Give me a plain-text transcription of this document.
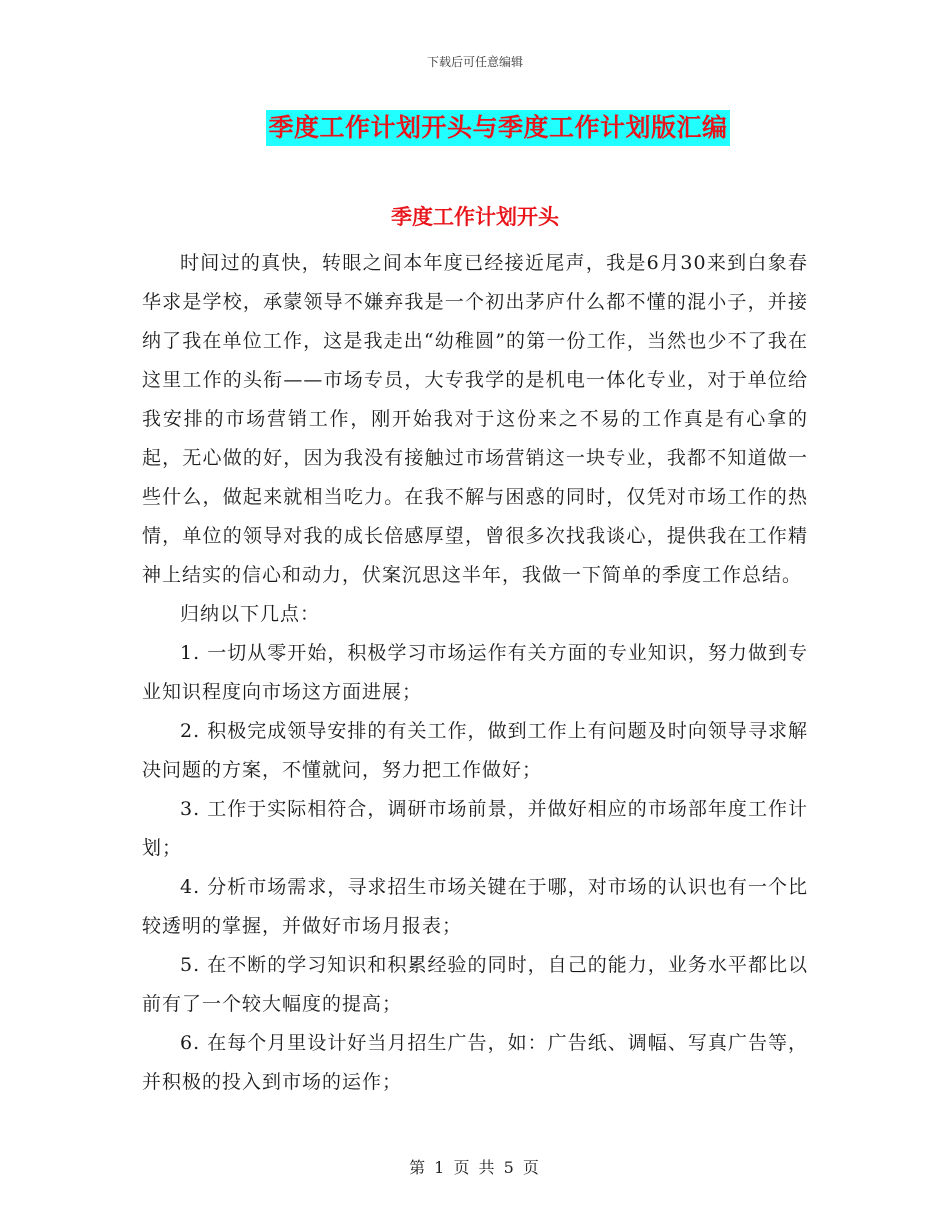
下载后可任意编辑
季度工作计划开头与季度工作计划版汇编
季度工作计划开头

时间过的真快，转眼之间本年度已经接近尾声，我是6月30来到白象春华求是学校，承蒙领导不嫌弃我是一个初出茅庐什么都不懂的混小子，并接纳了我在单位工作，这是我走出“幼稚圆”的第一份工作，当然也少不了我在这里工作的头衔——市场专员，大专我学的是机电一体化专业，对于单位给我安排的市场营销工作，刚开始我对于这份来之不易的工作真是有心拿的起，无心做的好，因为我没有接触过市场营销这一块专业，我都不知道做一些什么，做起来就相当吃力。在我不解与困惑的同时，仅凭对市场工作的热情，单位的领导对我的成长倍感厚望，曾很多次找我谈心，提供我在工作精神上结实的信心和动力，伏案沉思这半年，我做一下简单的季度工作总结。

归纳以下几点：

1. 一切从零开始，积极学习市场运作有关方面的专业知识，努力做到专业知识程度向市场这方面进展；

2. 积极完成领导安排的有关工作，做到工作上有问题及时向领导寻求解决问题的方案，不懂就问，努力把工作做好；

3. 工作于实际相符合，调研市场前景，并做好相应的市场部年度工作计划；

4. 分析市场需求，寻求招生市场关键在于哪，对市场的认识也有一个比较透明的掌握，并做好市场月报表；

5. 在不断的学习知识和积累经验的同时，自己的能力，业务水平都比以前有了一个较大幅度的提高；

6. 在每个月里设计好当月招生广告，如：广告纸、调幅、写真广告等，并积极的投入到市场的运作；

第 1 页 共 5 页
